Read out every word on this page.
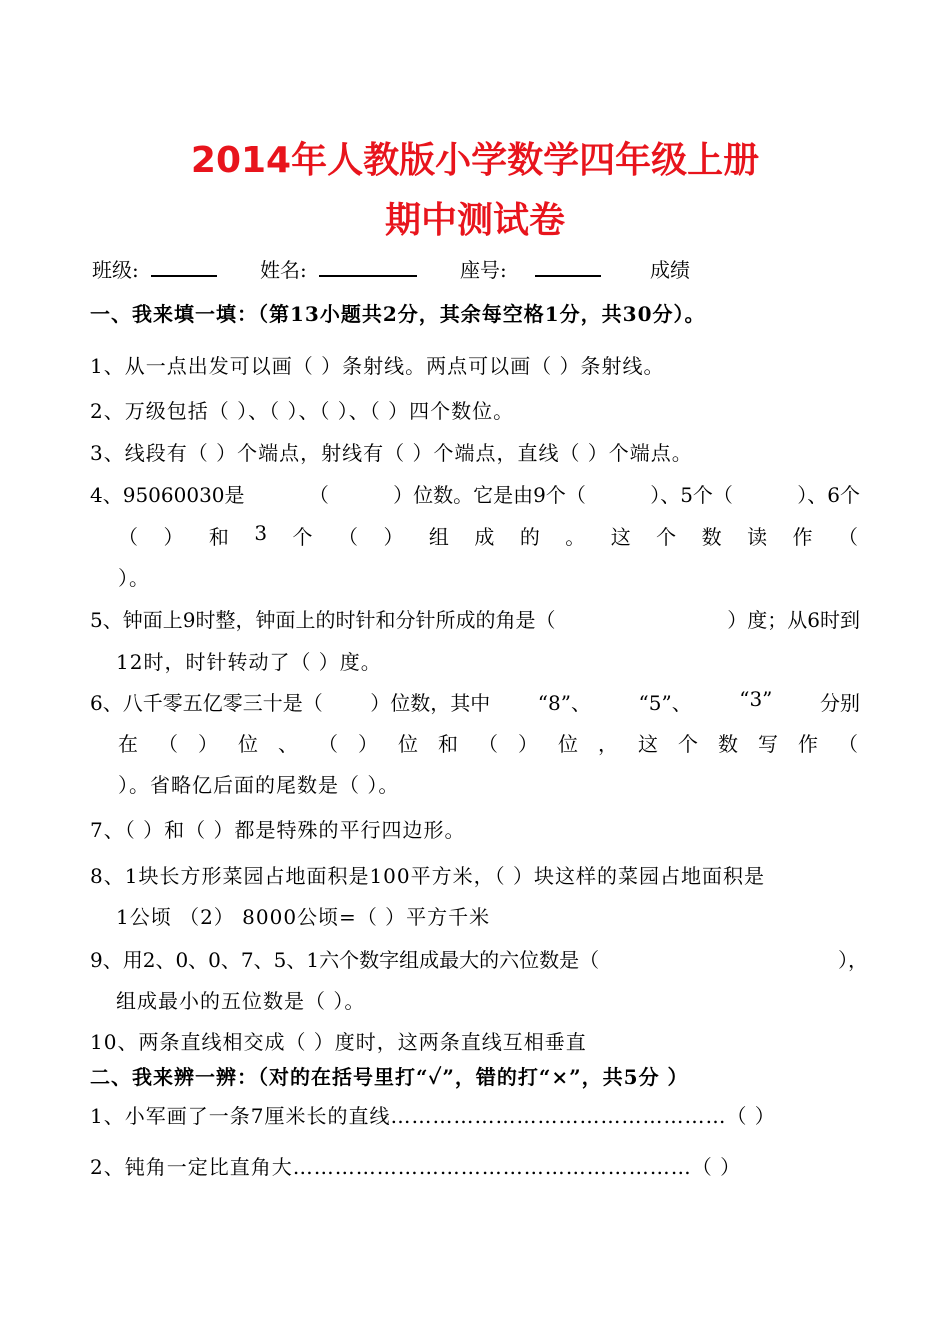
2014年人教版小学数学四年级上册
期中测试卷
班级:	姓名:	座号:	成绩
一、我来填一填：（第13小题共2分，其余每空格1分，共30分）。
1、从一点出发可以画（ ）条射线。两点可以画（ ）条射线。
2、万级包括（ ）、（ ）、（ ）、（ ）四个数位。
3、线段有（ ）个端点，射线有（ ）个端点，直线（ ）个端点。
4、95060030是	（	）位数。它是由9个（	）、5个（	）、6个
（ ） 和 3 个 （ ） 组 成 的 。 这 个 数 读 作 （
）。
5、钟面上9时整，钟面上的时针和分针所成的角是（	）度；从6时到
12时，时针转动了（ ）度。
6、八千零五亿零三十是（ ）位数，其中 “8”、 “5”、 “3” 分别
在 （ ） 位 、 （ ） 位 和 （ ） 位 ， 这 个 数 写 作 （
）。省略亿后面的尾数是（ ）。
7、（ ）和（ ）都是特殊的平行四边形。
8、1块长方形菜园占地面积是100平方米，（ ）块这样的菜园占地面积是
1公顷 （2） 8000公顷=（ ）平方千米
9、用2、0、0、7、5、1六个数字组成最大的六位数是（	），
组成最小的五位数是（ ）。
10、两条直线相交成（ ）度时，这两条直线互相垂直
二、我来辨一辨：（对的在括号里打“✓”，错的打“×”，共5分 ）
1、小军画了一条7厘米长的直线…………………………………………（ ）
2、钝角一定比直角大…………………………………………………（ ）
